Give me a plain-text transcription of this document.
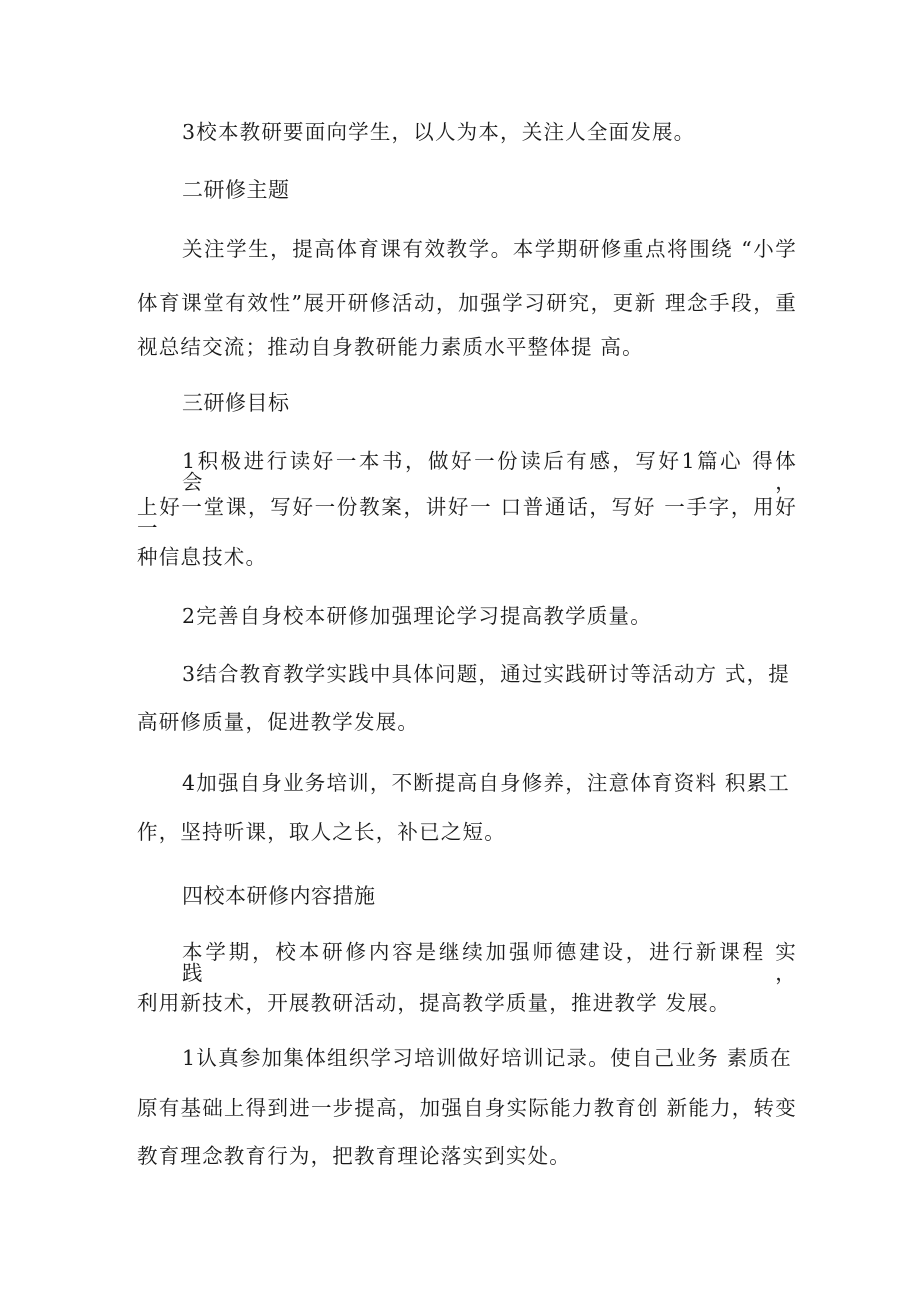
3校本教研要面向学生，以人为本，关注人全面发展。
二研修主题
关注学生，提高体育课有效教学。本学期研修重点将围绕 “小学
体育课堂有效性”展开研修活动，加强学习研究，更新 理念手段，重
视总结交流；推动自身教研能力素质水平整体提 高。
三研修目标
1积极进行读好一本书，做好一份读后有感，写好1篇心 得体会，
上好一堂课，写好一份教案，讲好一 口普通话，写好 一手字，用好一
种信息技术。
2完善自身校本研修加强理论学习提高教学质量。
3结合教育教学实践中具体问题，通过实践研讨等活动方 式，提
高研修质量，促进教学发展。
4加强自身业务培训，不断提高自身修养，注意体育资料 积累工
作，坚持听课，取人之长，补已之短。
四校本研修内容措施
本学期，校本研修内容是继续加强师德建设，进行新课程 实践，
利用新技术，开展教研活动，提高教学质量，推进教学 发展。
1认真参加集体组织学习培训做好培训记录。使自己业务 素质在
原有基础上得到进一步提高，加强自身实际能力教育创 新能力，转变
教育理念教育行为，把教育理论落实到实处。
